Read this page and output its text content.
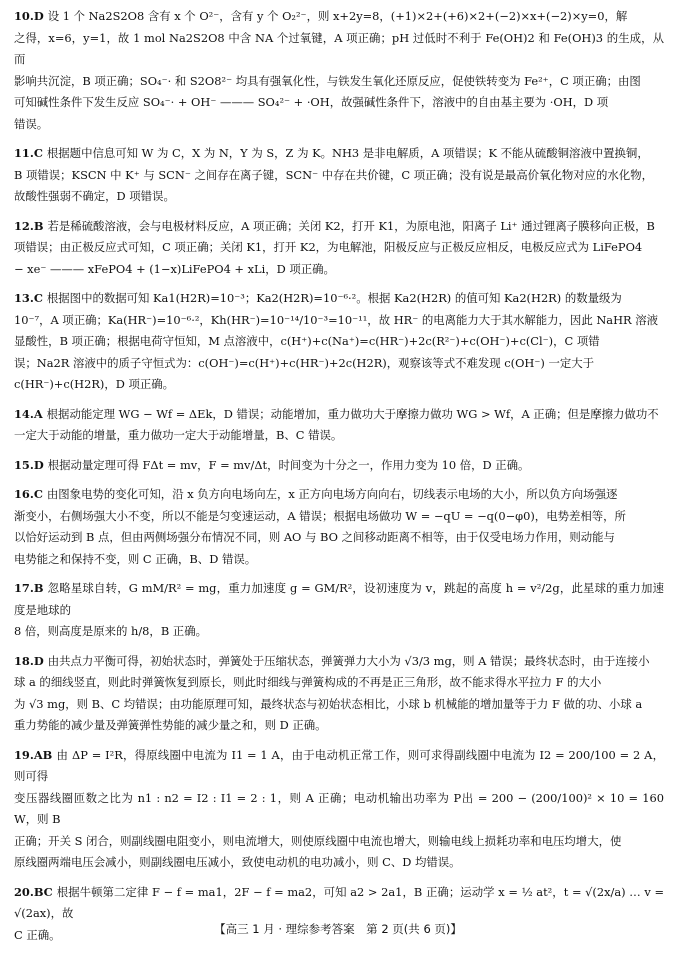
10.D 设 1 个 Na2S2O8 含有 x 个 O²⁻，含有 y 个 O₂²⁻，则 x+2y=8，(+1)×2+(+6)×2+(−2)×x+(−2)×y=0，解
之得，x=6，y=1，故 1 mol Na2S2O8 中含 NA 个过氧键，A 项正确；pH 过低时不利于 Fe(OH)2 和 Fe(OH)3 的生成，从而
影响共沉淀，B 项正确；SO₄⁻· 和 S2O8²⁻ 均具有强氧化性，与铁发生氧化还原反应，促使铁转变为 Fe²⁺，C 项正确；由图
可知碱性条件下发生反应 SO₄⁻· + OH⁻ ——— SO₄²⁻ + ·OH，故强碱性条件下，溶液中的自由基主要为 ·OH，D 项
错误。
11.C 根据题中信息可知 W 为 C，X 为 N，Y 为 S，Z 为 K。NH3 是非电解质，A 项错误；K 不能从硫酸铜溶液中置换铜，
B 项错误；KSCN 中 K⁺ 与 SCN⁻ 之间存在离子键，SCN⁻ 中存在共价键，C 项正确；没有说是最高价氧化物对应的水化物，
故酸性强弱不确定，D 项错误。
12.B 若是稀硫酸溶液，会与电极材料反应，A 项正确；关闭 K2，打开 K1，为原电池，阳离子 Li⁺ 通过锂离子膜移向正极，B
项错误；由正极反应式可知，C 项正确；关闭 K1，打开 K2，为电解池，阳极反应与正极反应相反，电极反应式为 LiFePO4
− xe⁻ ——— xFePO4 + (1−x)LiFePO4 + xLi，D 项正确。
13.C 根据图中的数据可知 Ka1(H2R)=10⁻³；Ka2(H2R)=10⁻⁶·²。根据 Ka2(H2R) 的值可知 Ka2(H2R) 的数量级为
10⁻⁷，A 项正确；Ka(HR⁻)=10⁻⁶·²，Kh(HR⁻)=10⁻¹⁴/10⁻³=10⁻¹¹，故 HR⁻ 的电离能力大于其水解能力，因此 NaHR 溶液
显酸性，B 项正确；根据电荷守恒知，M 点溶液中，c(H⁺)+c(Na⁺)=c(HR⁻)+2c(R²⁻)+c(OH⁻)+c(Cl⁻)，C 项错
误；Na2R 溶液中的质子守恒式为：c(OH⁻)=c(H⁺)+c(HR⁻)+2c(H2R)，观察该等式不难发现 c(OH⁻) 一定大于
c(HR⁻)+c(H2R)，D 项正确。
14.A 根据动能定理 WG − Wf = ΔEk，D 错误；动能增加，重力做功大于摩擦力做功 WG > Wf，A 正确；但是摩擦力做功不
一定大于动能的增量，重力做功一定大于动能增量，B、C 错误。
15.D 根据动量定理可得 FΔt = mv，F = mv/Δt，时间变为十分之一，作用力变为 10 倍，D 正确。
16.C 由图象电势的变化可知，沿 x 负方向电场向左，x 正方向电场方向向右，切线表示电场的大小，所以负方向场强逐
渐变小，右侧场强大小不变，所以不能是匀变速运动，A 错误；根据电场做功 W = −qU = −q(0−φ0)，电势差相等，所
以恰好运动到 B 点，但由两侧场强分布情况不同，则 AO 与 BO 之间移动距离不相等，由于仅受电场力作用，则动能与
电势能之和保持不变，则 C 正确，B、D 错误。
17.B 忽略星球自转，G mM/R² = mg，重力加速度 g = GM/R²，设初速度为 v，跳起的高度 h = v²/2g，此星球的重力加速度是地球的
8 倍，则高度是原来的 h/8，B 正确。
18.D 由共点力平衡可得，初始状态时，弹簧处于压缩状态，弹簧弹力大小为 √3/3 mg，则 A 错误；最终状态时，由于连接小
球 a 的细线竖直，则此时弹簧恢复到原长，则此时细线与弹簧构成的不再是正三角形，故不能求得水平拉力 F 的大小
为 √3 mg，则 B、C 均错误；由功能原理可知，最终状态与初始状态相比，小球 b 机械能的增加量等于力 F 做的功、小球 a
重力势能的减少量及弹簧弹性势能的减少量之和，则 D 正确。
19.AB 由 ΔP = I²R，得原线圈中电流为 I1 = 1 A，由于电动机正常工作，则可求得副线圈中电流为 I2 = 200/100 = 2 A，则可得
变压器线圈匝数之比为 n1 : n2 = I2 : I1 = 2 : 1，则 A 正确；电动机输出功率为 P出 = 200 − (200/100)² × 10 = 160 W，则 B
正确；开关 S 闭合，则副线圈电阻变小，则电流增大，则使原线圈中电流也增大，则输电线上损耗功率和电压均增大，使
原线圈两端电压会减小，则副线圈电压减小，致使电动机的电功减小，则 C、D 均错误。
20.BC 根据牛顿第二定律 F − f = ma1，2F − f = ma2，可知 a2 > 2a1，B 正确；运动学 x = ½ at²，t = √(2x/a) … v = √(2ax)，故
C 正确。	【高三 1 月 · 理综参考答案　第 2 页(共 6 页)】
